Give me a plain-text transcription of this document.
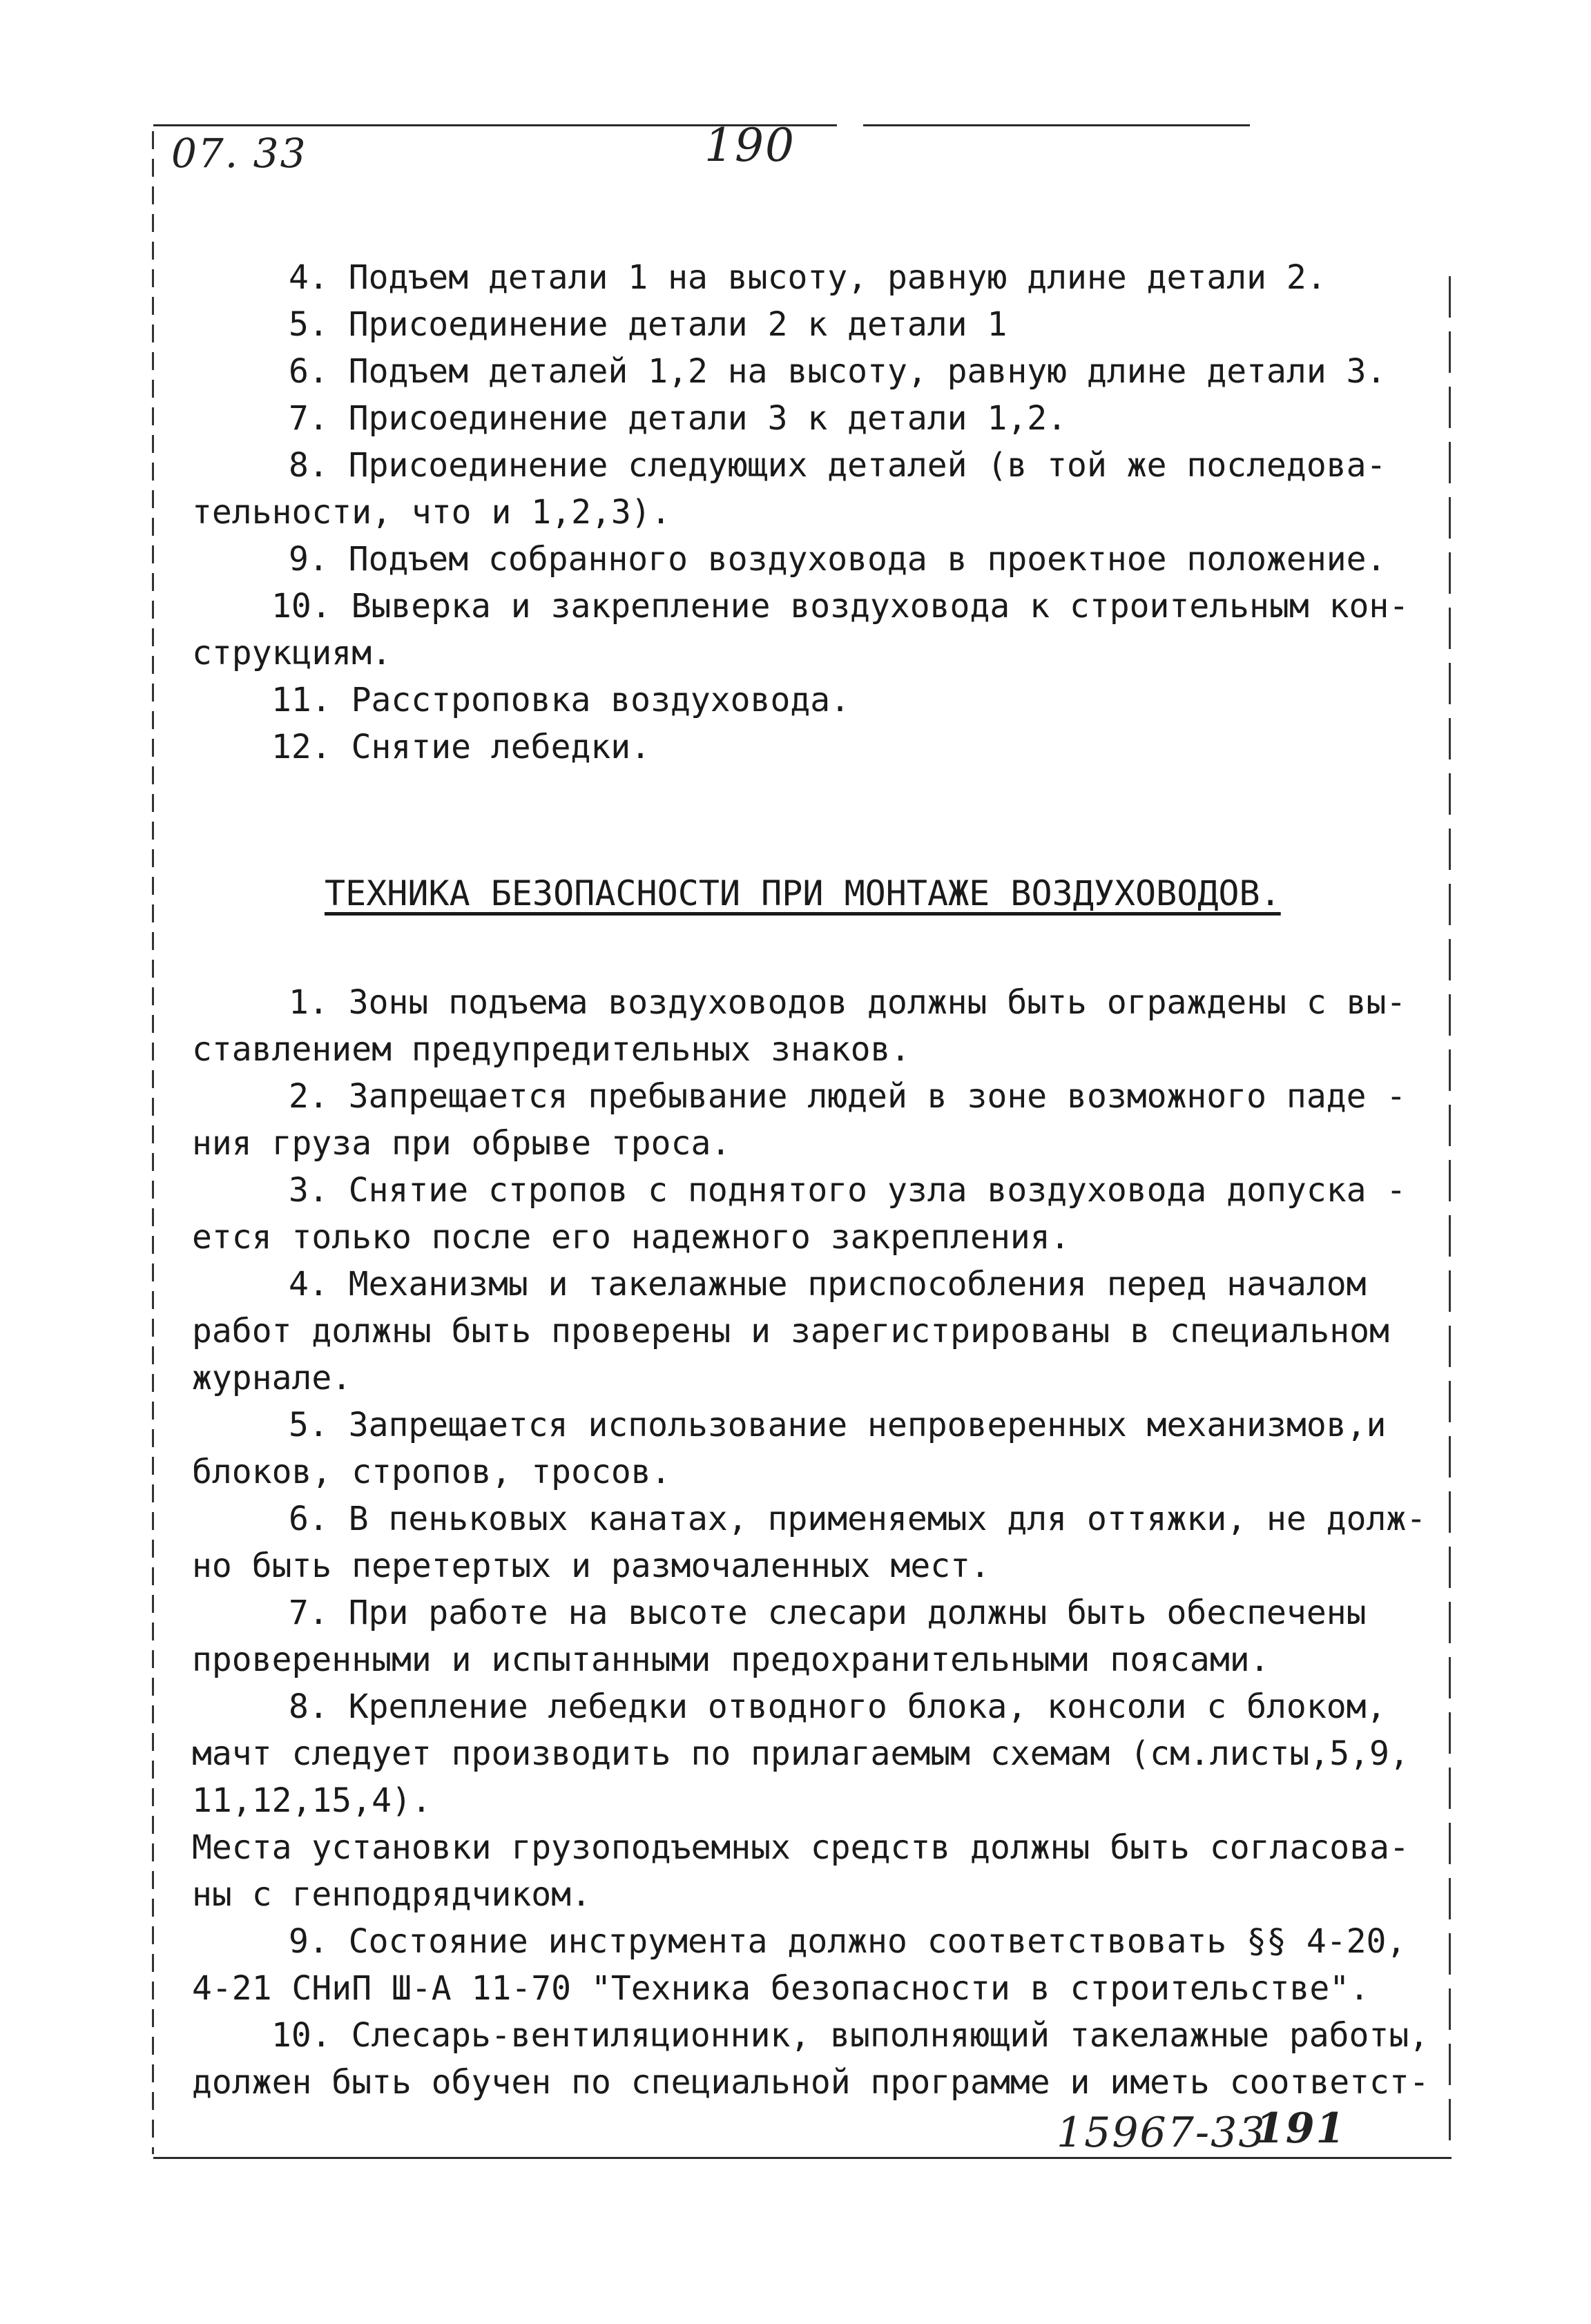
07. 33	190
4. Подъем детали 1 на высоту, равную длине детали 2.
5. Присоединение детали 2 к детали 1
6. Подъем деталей 1,2 на высоту, равную длине детали 3.
7. Присоединение детали 3 к детали 1,2.
8. Присоединение следующих деталей (в той же последова-
тельности, что и 1,2,3).
9. Подъем собранного воздуховода в проектное положение.
10. Выверка и закрепление воздуховода к строительным кон-
струкциям.
11. Расстроповка воздуховода.
12. Снятие лебедки.
ТЕХНИКА БЕЗОПАСНОСТИ ПРИ МОНТАЖЕ ВОЗДУХОВОДОВ.
1. Зоны подъема воздуховодов должны быть ограждены с вы-
ставлением предупредительных знаков.
2. Запрещается пребывание людей в зоне возможного паде -
ния груза при обрыве троса.
3. Снятие стропов с поднятого узла воздуховода допуска -
ется только после его надежного закрепления.
4. Механизмы и такелажные приспособления перед началом
работ должны быть проверены и зарегистрированы в специальном
журнале.
5. Запрещается использование непроверенных механизмов,и
блоков, стропов, тросов.
6. В пеньковых канатах, применяемых для оттяжки, не долж-
но быть перетертых и размочаленных мест.
7. При работе на высоте слесари должны быть обеспечены
проверенными и испытанными предохранительными поясами.
8. Крепление лебедки отводного блока, консоли с блоком,
мачт следует производить по прилагаемым схемам (см.листы,5,9,
11,12,15,4).
Места установки грузоподъемных средств должны быть согласова-
ны с генподрядчиком.
9. Состояние инструмента должно соответствовать §§ 4-20,
4-21 СНиП Ш-А 11-70 "Техника безопасности в строительстве".
10. Слесарь-вентиляционник, выполняющий такелажные работы,
должен быть обучен по специальной программе и иметь соответст-
15967-33
191
